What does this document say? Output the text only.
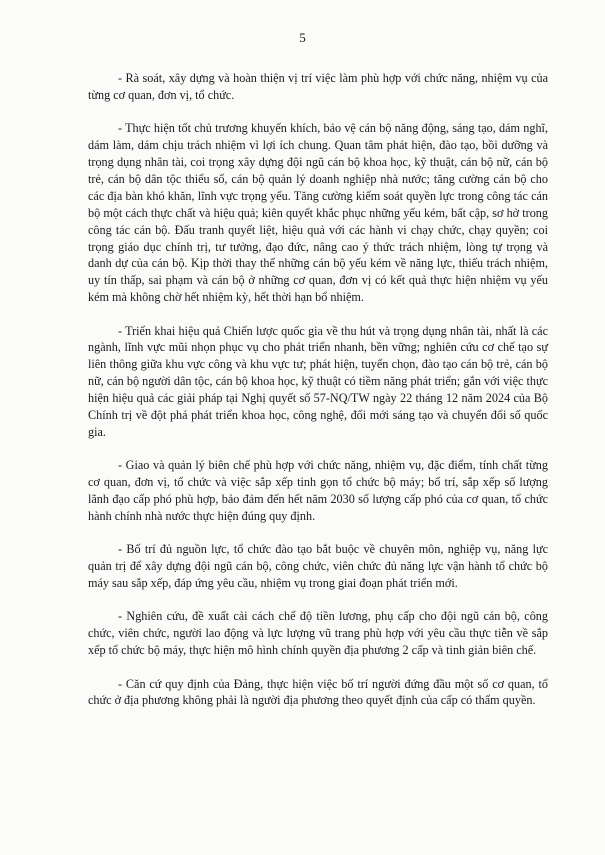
5

- Rà soát, xây dựng và hoàn thiện vị trí việc làm phù hợp với chức năng, nhiệm vụ của từng cơ quan, đơn vị, tổ chức.

- Thực hiện tốt chủ trương khuyến khích, bảo vệ cán bộ năng động, sáng tạo, dám nghĩ, dám làm, dám chịu trách nhiệm vì lợi ích chung. Quan tâm phát hiện, đào tạo, bồi dưỡng và trọng dụng nhân tài, coi trọng xây dựng đội ngũ cán bộ khoa học, kỹ thuật, cán bộ nữ, cán bộ trẻ, cán bộ dân tộc thiểu số, cán bộ quản lý doanh nghiệp nhà nước; tăng cường cán bộ cho các địa bàn khó khăn, lĩnh vực trọng yếu. Tăng cường kiểm soát quyền lực trong công tác cán bộ một cách thực chất và hiệu quả; kiên quyết khắc phục những yếu kém, bất cập, sơ hở trong công tác cán bộ. Đấu tranh quyết liệt, hiệu quả với các hành vi chạy chức, chạy quyền; coi trọng giáo dục chính trị, tư tưởng, đạo đức, nâng cao ý thức trách nhiệm, lòng tự trọng và danh dự của cán bộ. Kịp thời thay thế những cán bộ yếu kém về năng lực, thiếu trách nhiệm, uy tín thấp, sai phạm và cán bộ ở những cơ quan, đơn vị có kết quả thực hiện nhiệm vụ yếu kém mà không chờ hết nhiệm kỳ, hết thời hạn bổ nhiệm.

- Triển khai hiệu quả Chiến lược quốc gia về thu hút và trọng dụng nhân tài, nhất là các ngành, lĩnh vực mũi nhọn phục vụ cho phát triển nhanh, bền vững; nghiên cứu cơ chế tạo sự liên thông giữa khu vực công và khu vực tư; phát hiện, tuyển chọn, đào tạo cán bộ trẻ, cán bộ nữ, cán bộ người dân tộc, cán bộ khoa học, kỹ thuật có tiềm năng phát triển; gắn với việc thực hiện hiệu quả các giải pháp tại Nghị quyết số 57-NQ/TW ngày 22 tháng 12 năm 2024 của Bộ Chính trị về đột phá phát triển khoa học, công nghệ, đổi mới sáng tạo và chuyển đổi số quốc gia.

- Giao và quản lý biên chế phù hợp với chức năng, nhiệm vụ, đặc điểm, tính chất từng cơ quan, đơn vị, tổ chức và việc sắp xếp tinh gọn tổ chức bộ máy; bố trí, sắp xếp số lượng lãnh đạo cấp phó phù hợp, bảo đảm đến hết năm 2030 số lượng cấp phó của cơ quan, tổ chức hành chính nhà nước thực hiện đúng quy định.

- Bố trí đủ nguồn lực, tổ chức đào tạo bắt buộc về chuyên môn, nghiệp vụ, năng lực quản trị để xây dựng đội ngũ cán bộ, công chức, viên chức đủ năng lực vận hành tổ chức bộ máy sau sắp xếp, đáp ứng yêu cầu, nhiệm vụ trong giai đoạn phát triển mới.

- Nghiên cứu, đề xuất cải cách chế độ tiền lương, phụ cấp cho đội ngũ cán bộ, công chức, viên chức, người lao động và lực lượng vũ trang phù hợp với yêu cầu thực tiễn về sắp xếp tổ chức bộ máy, thực hiện mô hình chính quyền địa phương 2 cấp và tinh giản biên chế.

- Căn cứ quy định của Đảng, thực hiện việc bố trí người đứng đầu một số cơ quan, tổ chức ở địa phương không phải là người địa phương theo quyết định của cấp có thẩm quyền.
